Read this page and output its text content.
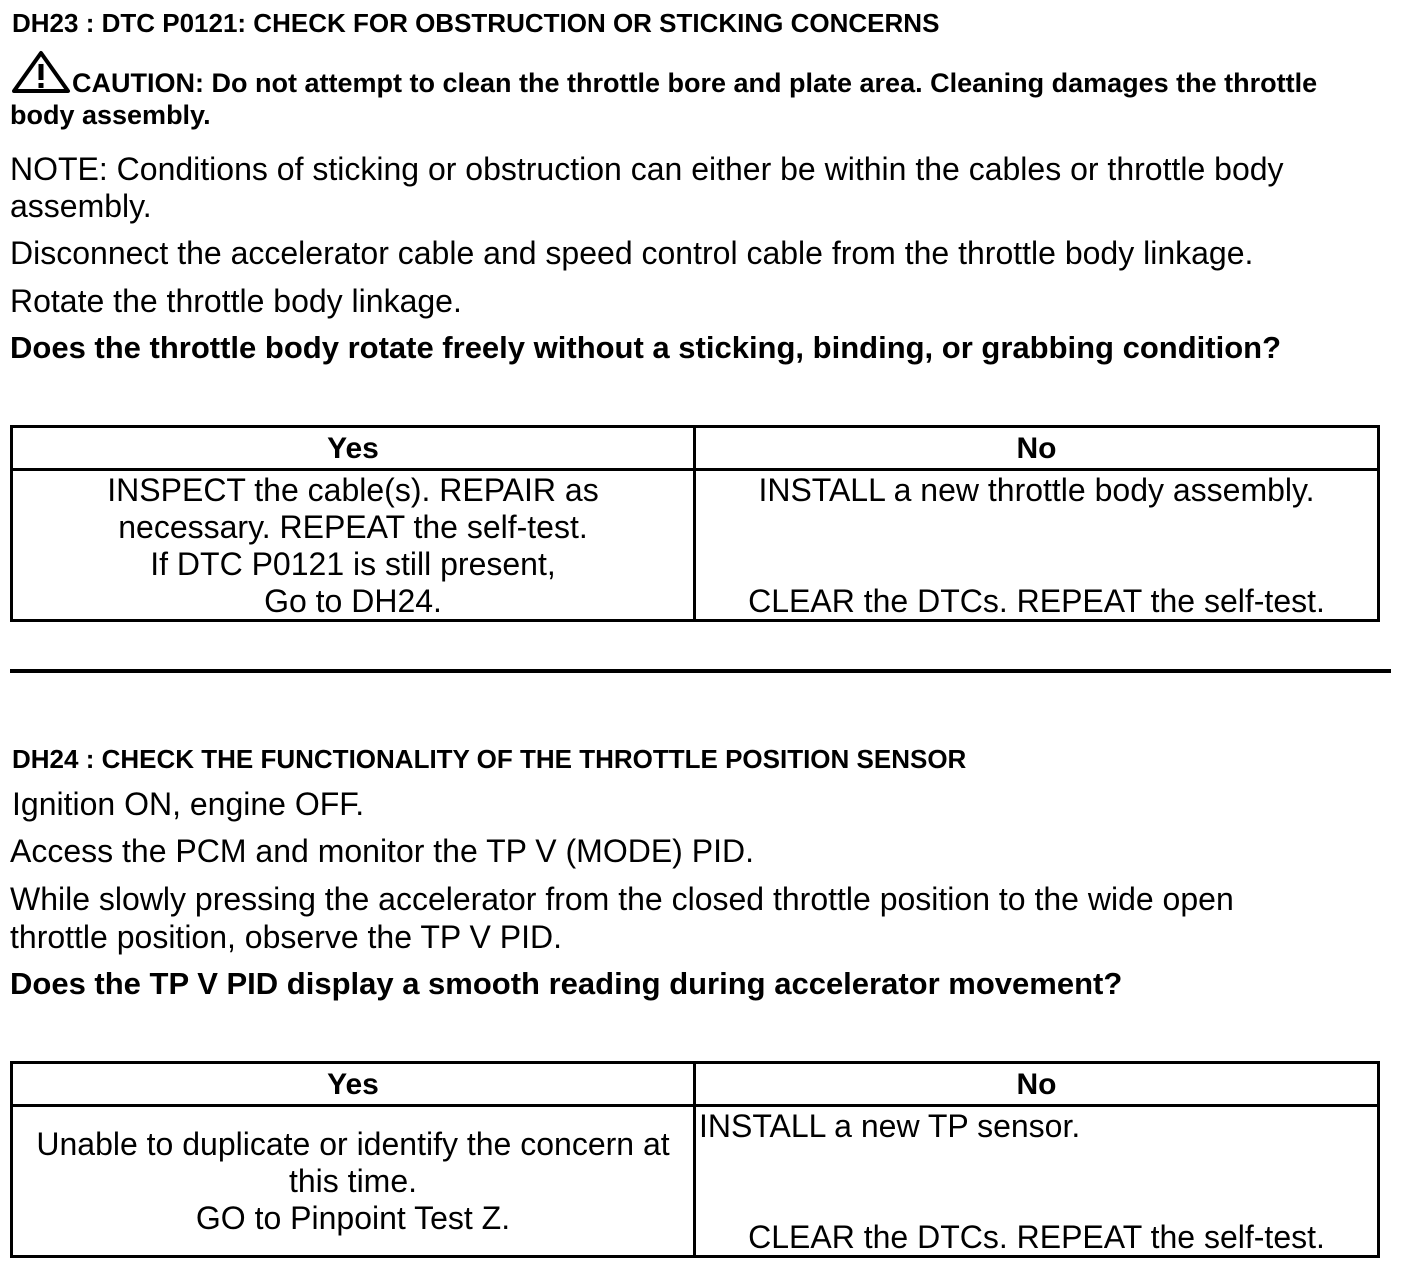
DH23 : DTC P0121: CHECK FOR OBSTRUCTION OR STICKING CONCERNS
CAUTION: Do not attempt to clean the throttle bore and plate area. Cleaning damages the throttle body assembly.
NOTE: Conditions of sticking or obstruction can either be within the cables or throttle body
assembly.
Disconnect the accelerator cable and speed control cable from the throttle body linkage.
Rotate the throttle body linkage.
Does the throttle body rotate freely without a sticking, binding, or grabbing condition?
Yes	No
INSPECT the cable(s). REPAIR as
necessary. REPEAT the self-test.
If DTC P0121 is still present,
Go to DH24.
INSTALL a new throttle body assembly.
CLEAR the DTCs. REPEAT the self-test.
DH24 : CHECK THE FUNCTIONALITY OF THE THROTTLE POSITION SENSOR
Ignition ON, engine OFF.
Access the PCM and monitor the TP V (MODE) PID.
While slowly pressing the accelerator from the closed throttle position to the wide open
throttle position, observe the TP V PID.
Does the TP V PID display a smooth reading during accelerator movement?
Yes	No
Unable to duplicate or identify the concern at
this time.
GO to Pinpoint Test Z.
INSTALL a new TP sensor.
CLEAR the DTCs. REPEAT the self-test.
